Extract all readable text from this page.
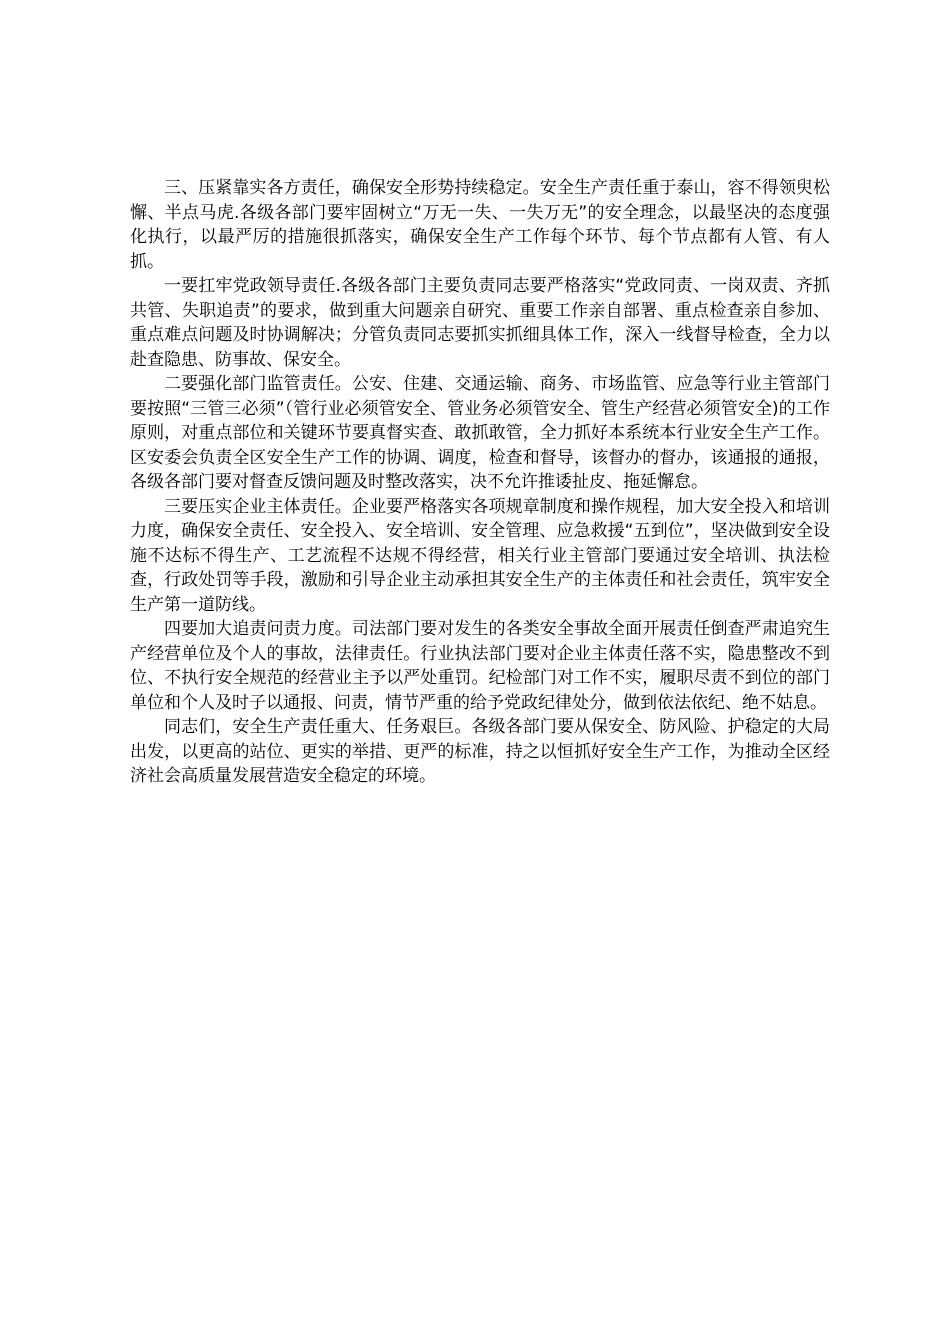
三、压紧靠实各方责任，确保安全形势持续稳定。安全生产责任重于泰山，容不得领臾松懈、半点马虎.各级各部门要牢固树立“万无一失、一失万无”的安全理念，以最坚决的态度强化执行，以最严厉的措施很抓落实，确保安全生产工作每个环节、每个节点都有人管、有人抓。

一要扛牢党政领导责任.各级各部门主要负责同志要严格落实“党政同责、一岗双责、齐抓共管、失职追责”的要求，做到重大问题亲自研究、重要工作亲自部署、重点检查亲自参加、重点难点问题及时协调解决；分管负责同志要抓实抓细具体工作，深入一线督导检查，全力以赴查隐患、防事故、保安全。

二要强化部门监管责任。公安、住建、交通运输、商务、市场监管、应急等行业主管部门要按照“三管三必须”（管行业必须管安全、管业务必须管安全、管生产经营必须管安全)的工作原则，对重点部位和关键环节要真督实查、敢抓敢管，全力抓好本系统本行业安全生产工作。区安委会负责全区安全生产工作的协调、调度，检查和督导，该督办的督办，该通报的通报，各级各部门要对督查反馈问题及时整改落实，决不允许推诿扯皮、拖延懈怠。

三要压实企业主体责任。企业要严格落实各项规章制度和操作规程，加大安全投入和培训力度，确保安全责任、安全投入、安全培训、安全管理、应急救援“五到位”，坚决做到安全设施不达标不得生产、工艺流程不达规不得经营，相关行业主管部门要通过安全培训、执法检查，行政处罚等手段，激励和引导企业主动承担其安全生产的主体责任和社会责任，筑牢安全生产第一道防线。

四要加大追责问责力度。司法部门要对发生的各类安全事故全面开展责任倒查严肃追究生产经营单位及个人的事故，法律责任。行业执法部门要对企业主体责任落不实，隐患整改不到位、不执行安全规范的经营业主予以严处重罚。纪检部门对工作不实，履职尽责不到位的部门单位和个人及时子以通报、问责，情节严重的给予党政纪律处分，做到依法依纪、绝不姑息。

同志们，安全生产责任重大、任务艰巨。各级各部门要从保安全、防风险、护稳定的大局出发，以更高的站位、更实的举措、更严的标准，持之以恒抓好安全生产工作，为推动全区经济社会高质量发展营造安全稳定的环境。
